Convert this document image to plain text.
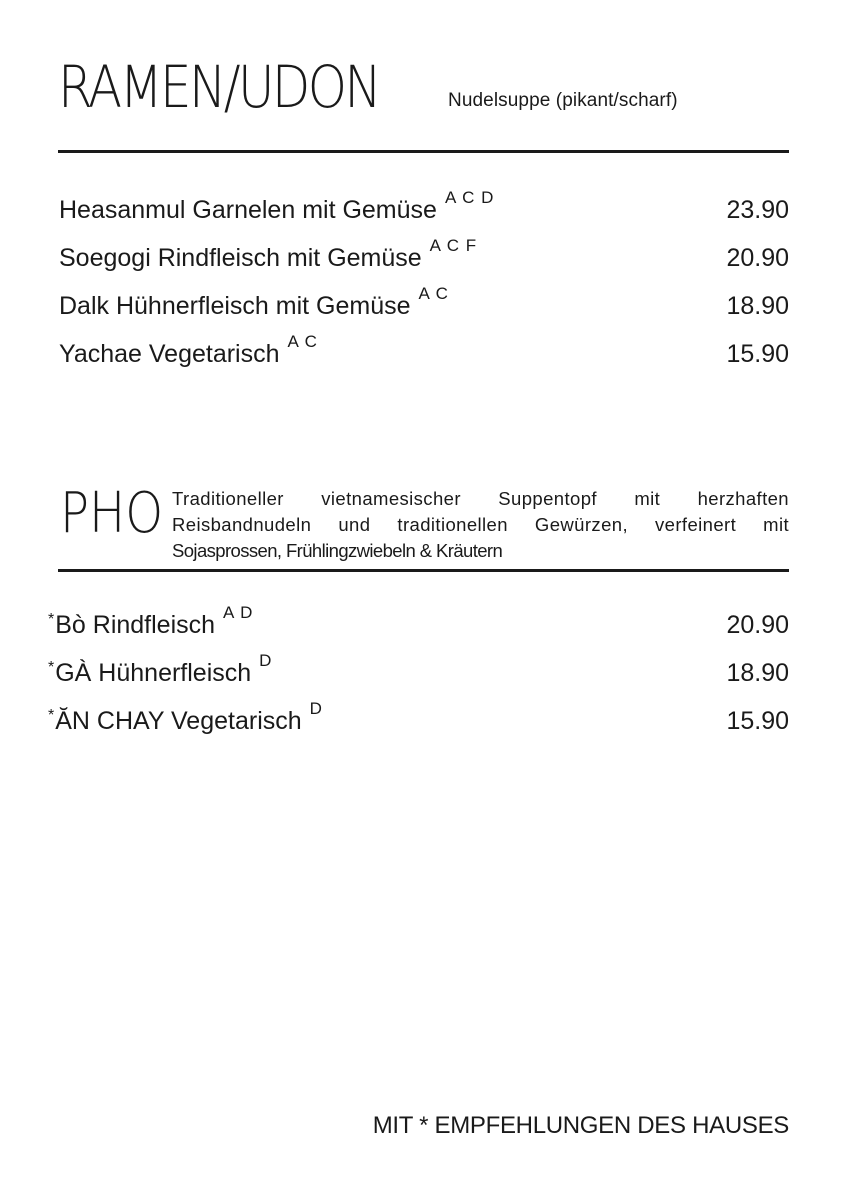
RAMEN/UDON	Nudelsuppe (pikant/scharf)
Heasanmul Garnelen mit Gemüse $^{A C D}$	23.90
Soegogi Rindfleisch mit Gemüse $^{A C F}$	20.90
Dalk Hühnerfleisch mit Gemüse $^{A C}$	18.90
Yachae Vegetarisch $^{A C}$	15.90
PHO Traditioneller vietnamesischer Suppentopf mit herzhaften
Reisbandnudeln und traditionellen Gewürzen, verfeinert mit
Sojasprossen, Frühlingzwiebeln & Kräutern
*Bò Rindfleisch $^{A D}$	20.90
*GÀ Hühnerfleisch $^D$	18.90
*ĂN CHAY Vegetarisch $^D$	15.90
MIT * EMPFEHLUNGEN DES HAUSES
